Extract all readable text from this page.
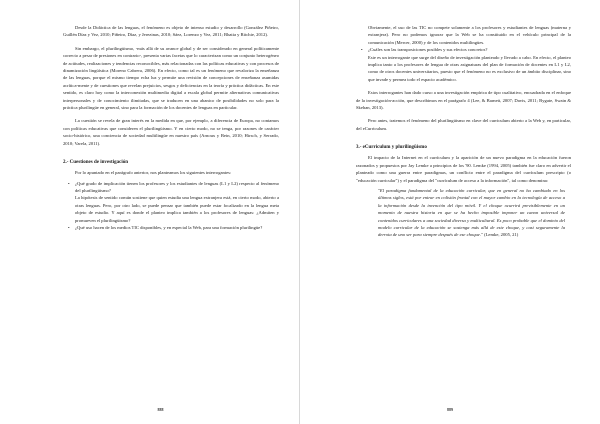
Desde la Didáctica de las lenguas, el fenómeno es objeto de intenso estudio y desarrollo (González Piñeiro, Guillén Díaz y Vez, 2010; Piñeiro, Díaz, y Jerezinas, 2010; Sáez, Lorenzo y Vez, 2011; Bhatia y Ritchie, 2012).

Sin embargo, el plurilingüismo, -más allá de su avance global y de ser considerado en general políticamente correcto a pesar de presiones en contrario-, presenta varias facetas que lo caracterizan como un conjunto heterogéneo de actitudes, realizaciones y tendencias reconocibles, más relacionadas con las políticas educativas y con procesos de dinamización lingüística (Moreno Cabrera, 2006). En efecto, como tal es un fenómeno que revaloriza la enseñanza de las lenguas, porque el mismo tiempo echa luz y permite una revisión de concepciones de enseñanza asumidas acrítica-mente y de cuestiones que revelan prejuicios, sesgos y deficiencias en la teoría y práctica didácticas. En este sentido, es claro hoy como la interconexión multimedia digital a escala global permite alternativas comunicativas interpersonales y de conocimiento ilimitadas, que se traducen en una abanico de posibilidades no solo para la práctica plurilingüe en general, sino para la formación de los docentes de lenguas en particular.

La cuestión se revela de gran interés en la medida en que, por ejemplo, a diferencia de Europa, no contamos con políticas educativas que consideren el plurilingüismo. Y en cierto modo, no se tenga, por razones de carácter socio-histórico, una conciencia de sociedad multilingüe en nuestro país (Arnoux y Bein, 2010; Hirsch, y Serrado, 2010; Varela, 2011).

2.- Cuestiones de investigación

Por lo apuntado en el parágrafo anterior, nos planteamos los siguientes interrogantes:

• ¿Qué grado de implicación tienen los profesores y los estudiantes de lenguas (L1 y L2) respecto al fenómeno del plurilingüismo?
La hipótesis de sentido común sostiene que quien estudia una lengua extranjera está, en cierto modo, abierto a otras lenguas. Pero, por otro lado, se puede pensar que también puede estar focalizado en la lengua meta objeto de estudio. Y aquí es donde el planteo implica también a los profesores de lenguas: ¿Admiten y promueven el plurilingüismo?
• ¿Qué uso hacen de los medios TIC disponibles, y en especial la Web, para una formación plurilingüe?
888
Obviamente, el uso de las TIC no compete solamente a los profesores y estudiantes de lenguas (materna y extranjera). Pero no podemos ignorar que la Web se ha constituido en el vehículo principal de la comunicación (Mercer, 2000) y de los contenidos multilingües.
• ¿Cuáles son las transposiciones posibles y sus efectos concretos?
Este es un interrogante que surge del diseño de investigación planteado y llevado a cabo. En efecto, el planteo implica tanto a los profesores de lengua de otras asignaturas del plan de formación de docentes en L1 y L2, como de otros docentes universitarios, puesto que el fenómeno no es exclusivo de un ámbito disciplinar, sino que invade y permea todo el espacio académico.

Estos interrogantes han dado curso a una investigación empírica de tipo cualitativo, encuadrada en el enfoque de la investigación-acción, que describimos en el parágrafo 4 (Lee, & Barnett, 2007; Davis, 2011; Bygate, Swain & Skehan, 2013).

Pero antes, tratemos el fenómeno del plurilingüismo en clave del curriculum abierto a la Web y, en particular, del eCurriculum.

3.- eCurriculum y plurilingüismo

El impacto de la Internet en el currículum y la aparición de un nuevo paradigma en la educación fueron razonados y propuestos por Jay Lemke a principios de los '90. Lemke (1994, 2005) también fue claro en advertir el planteado como una guerra entre paradigmas, un conflicto entre el paradigma del currículum prescripto (o "educación curricular") y el paradigma del "currículum de acceso a la información", tal como denomina:

"El paradigma fundamental de la educación curricular, que en general no ha cambiado en los últimos siglos, está por entrar en colisión frontal con el mayor cambio en la tecnología de acceso a la información desde la invención del tipo móvil. Y el choque ocurrirá previsiblemente en un momento de nuestra historia en que se ha hecho imposible imponer un canon universal de contenidos curriculares a una sociedad diversa y multicultural. Es poco probable que el dominio del modelo curricular de la educación se sostenga más allá de este choque, y casi seguramente la derrota de uno ser para siempre después de ese choque." (Lemke, 2005, 21)

889
